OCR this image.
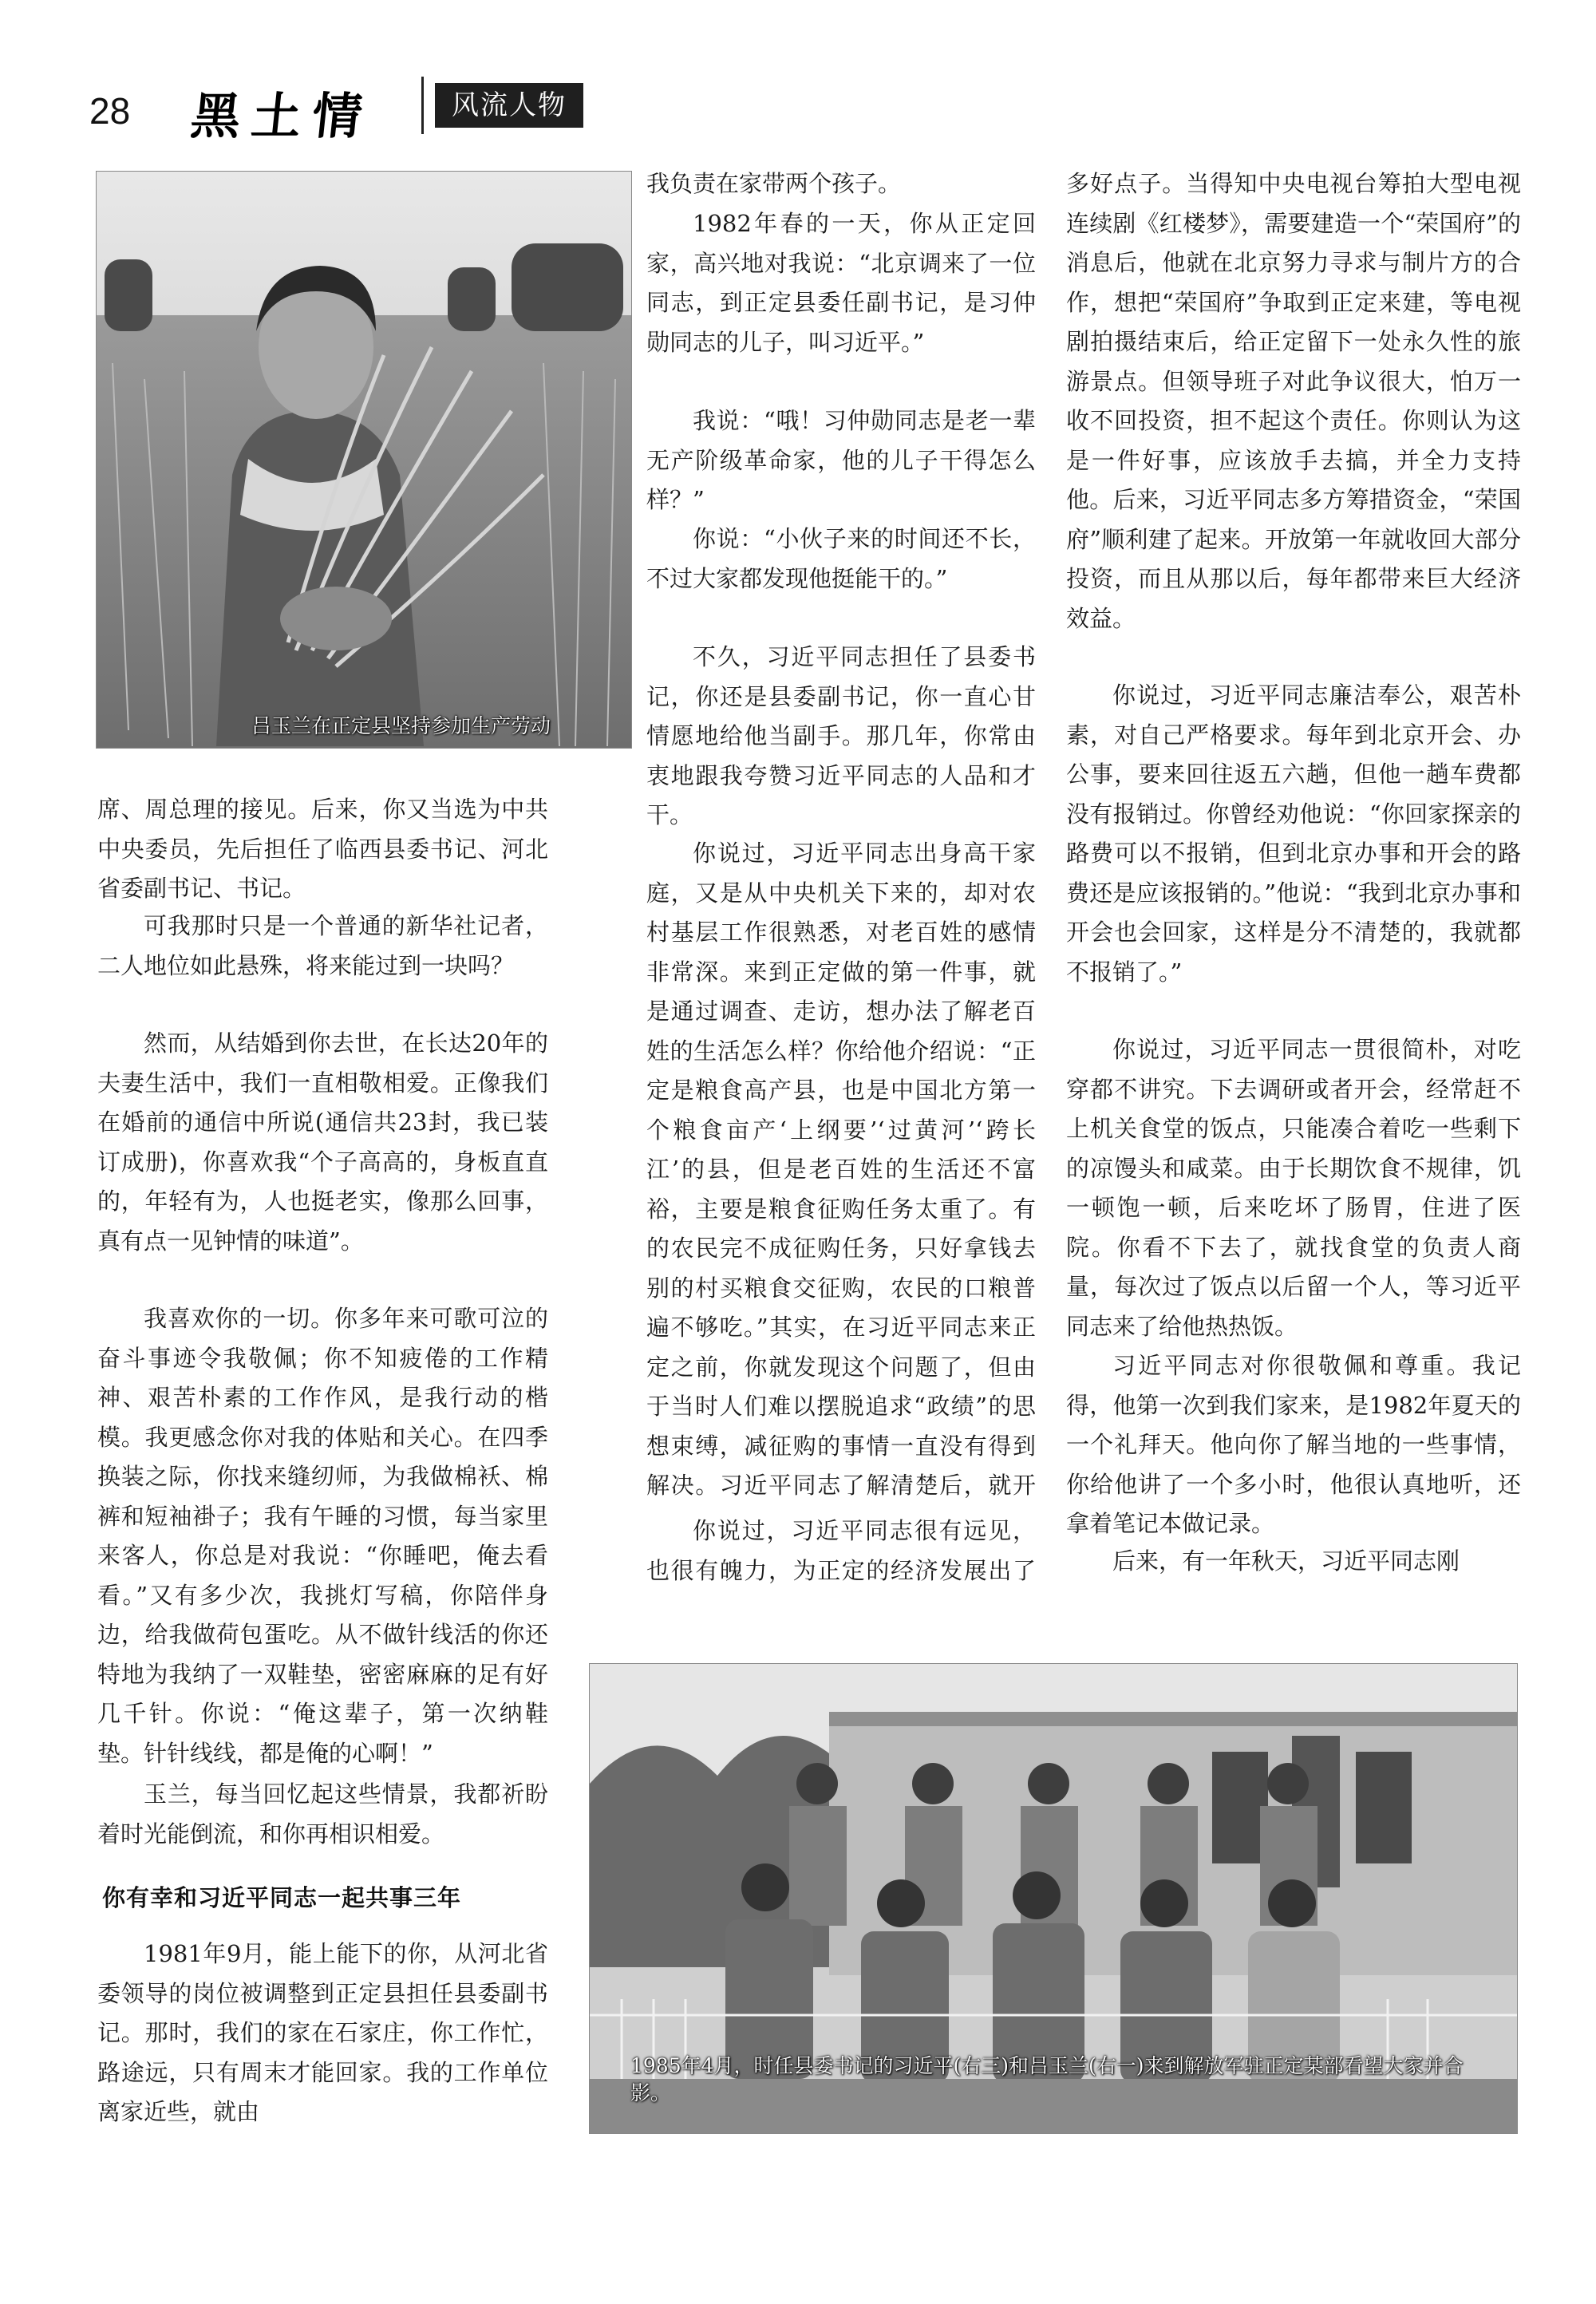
28 黑土情	风流人物
吕玉兰在正定县坚持参加生产劳动

席、周总理的接见。后来，你又当选为中共中央委员，先后担任了临西县委书记、河北省委副书记、书记。

可我那时只是一个普通的新华社记者，二人地位如此悬殊，将来能过到一块吗？

然而，从结婚到你去世，在长达20年的夫妻生活中，我们一直相敬相爱。正像我们在婚前的通信中所说(通信共23封，我已装订成册)，你喜欢我“个子高高的，身板直直的，年轻有为，人也挺老实，像那么回事，真有点一见钟情的味道”。

我喜欢你的一切。你多年来可歌可泣的奋斗事迹令我敬佩；你不知疲倦的工作精神、艰苦朴素的工作作风，是我行动的楷模。我更感念你对我的体贴和关心。在四季换装之际，你找来缝纫师，为我做棉袄、棉裤和短袖褂子；我有午睡的习惯，每当家里来客人，你总是对我说：“你睡吧，俺去看看。”又有多少次，我挑灯写稿，你陪伴身边，给我做荷包蛋吃。从不做针线活的你还特地为我纳了一双鞋垫，密密麻麻的足有好几千针。你说：“俺这辈子，第一次纳鞋垫。针针线线，都是俺的心啊！”

玉兰，每当回忆起这些情景，我都祈盼着时光能倒流，和你再相识相爱。

你有幸和习近平同志一起共事三年

1981年9月，能上能下的你，从河北省委领导的岗位被调整到正定县担任县委副书记。那时，我们的家在石家庄，你工作忙，路途远，只有周末才能回家。我的工作单位离家近些，就由

我负责在家带两个孩子。

1982年春的一天，你从正定回家，高兴地对我说：“北京调来了一位同志，到正定县委任副书记，是习仲勋同志的儿子，叫习近平。”

我说：“哦！习仲勋同志是老一辈无产阶级革命家，他的儿子干得怎么样？”

你说：“小伙子来的时间还不长，不过大家都发现他挺能干的。”

不久，习近平同志担任了县委书记，你还是县委副书记，你一直心甘情愿地给他当副手。那几年，你常由衷地跟我夸赞习近平同志的人品和才干。

你说过，习近平同志出身高干家庭，又是从中央机关下来的，却对农村基层工作很熟悉，对老百姓的感情非常深。来到正定做的第一件事，就是通过调查、走访，想办法了解老百姓的生活怎么样？你给他介绍说：“正定是粮食高产县，也是中国北方第一个粮食亩产‘上纲要’‘过黄河’‘跨长江’的县，但是老百姓的生活还不富裕，主要是粮食征购任务太重了。有的农民完不成征购任务，只好拿钱去别的村买粮食交征购，农民的口粮普遍不够吃。”其实，在习近平同志来正定之前，你就发现这个问题了，但由于当时人们难以摆脱追求“政绩”的思想束缚，减征购的事情一直没有得到解决。习近平同志了解清楚后，就开

你说过，习近平同志很有远见，也很有魄力，为正定的经济发展出了

多好点子。当得知中央电视台筹拍大型电视连续剧《红楼梦》，需要建造一个“荣国府”的消息后，他就在北京努力寻求与制片方的合作，想把“荣国府”争取到正定来建，等电视剧拍摄结束后，给正定留下一处永久性的旅游景点。但领导班子对此争议很大，怕万一收不回投资，担不起这个责任。你则认为这是一件好事，应该放手去搞，并全力支持他。后来，习近平同志多方筹措资金，“荣国府”顺利建了起来。开放第一年就收回大部分投资，而且从那以后，每年都带来巨大经济效益。

你说过，习近平同志廉洁奉公，艰苦朴素，对自己严格要求。每年到北京开会、办公事，要来回往返五六趟，但他一趟车费都没有报销过。你曾经劝他说：“你回家探亲的路费可以不报销，但到北京办事和开会的路费还是应该报销的。”他说：“我到北京办事和开会也会回家，这样是分不清楚的，我就都不报销了。”

你说过，习近平同志一贯很简朴，对吃穿都不讲究。下去调研或者开会，经常赶不上机关食堂的饭点，只能凑合着吃一些剩下的凉馒头和咸菜。由于长期饮食不规律，饥一顿饱一顿，后来吃坏了肠胃，住进了医院。你看不下去了，就找食堂的负责人商量，每次过了饭点以后留一个人，等习近平同志来了给他热热饭。

习近平同志对你很敬佩和尊重。我记得，他第一次到我们家来，是1982年夏天的一个礼拜天。他向你了解当地的一些事情，你给他讲了一个多小时，他很认真地听，还拿着笔记本做记录。

后来，有一年秋天，习近平同志刚

1985年4月，时任县委书记的习近平(右三)和吕玉兰(右一)来到解放军驻正定某部看望大家并合影。
